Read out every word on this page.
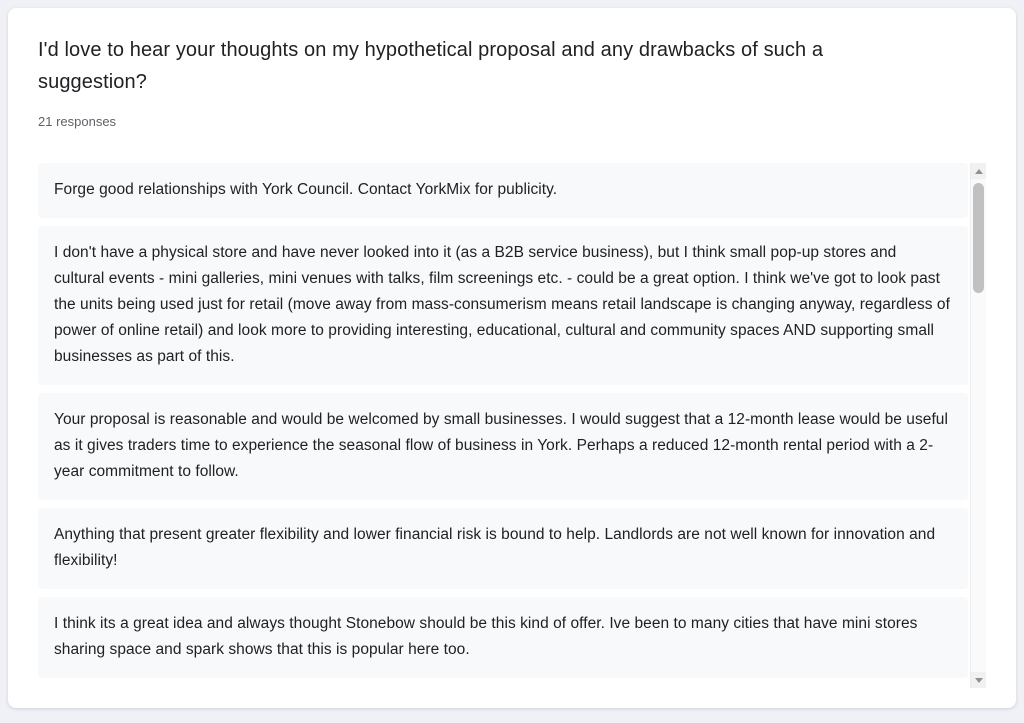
I'd love to hear your thoughts on my hypothetical proposal and any drawbacks of such a suggestion?
21 responses
Forge good relationships with York Council. Contact YorkMix for publicity.
I don't have a physical store and have never looked into it (as a B2B service business), but I think small pop-up stores and cultural events - mini galleries, mini venues with talks, film screenings etc. - could be a great option. I think we've got to look past the units being used just for retail (move away from mass-consumerism means retail landscape is changing anyway, regardless of power of online retail) and look more to providing interesting, educational, cultural and community spaces AND supporting small businesses as part of this.
Your proposal is reasonable and would be welcomed by small businesses. I would suggest that a 12-month lease would be useful as it gives traders time to experience the seasonal flow of business in York. Perhaps a reduced 12-month rental period with a 2-year commitment to follow.
Anything that present greater flexibility and lower financial risk is bound to help. Landlords are not well known for innovation and flexibility!
I think its a great idea and always thought Stonebow should be this kind of offer. Ive been to many cities that have mini stores sharing space and spark shows that this is popular here too.
